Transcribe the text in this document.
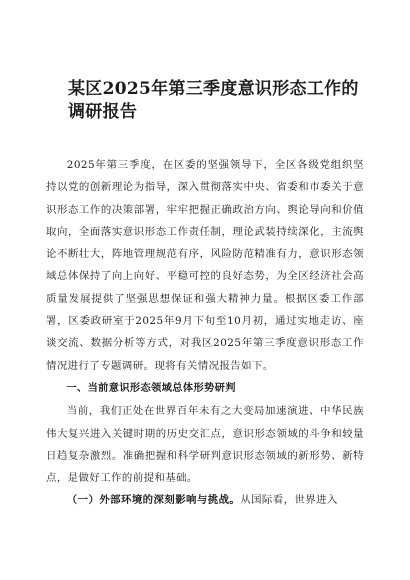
某区2025年第三季度意识形态工作的调研报告

2025年第三季度，在区委的坚强领导下，全区各级党组织坚持以党的创新理论为指导，深入贯彻落实中央、省委和市委关于意识形态工作的决策部署，牢牢把握正确政治方向、舆论导向和价值取向，全面落实意识形态工作责任制，理论武装持续深化，主流舆论不断壮大，阵地管理规范有序，风险防范精准有力，意识形态领域总体保持了向上向好、平稳可控的良好态势，为全区经济社会高质量发展提供了坚强思想保证和强大精神力量。根据区委工作部署，区委政研室于2025年9月下旬至10月初，通过实地走访、座谈交流、数据分析等方式，对我区2025年第三季度意识形态工作情况进行了专题调研。现将有关情况报告如下。

一、当前意识形态领域总体形势研判

当前，我们正处在世界百年未有之大变局加速演进、中华民族伟大复兴进入关键时期的历史交汇点，意识形态领域的斗争和较量日趋复杂激烈。准确把握和科学研判意识形态领域的新形势、新特点，是做好工作的前提和基础。

（一）外部环境的深刻影响与挑战。从国际看，世界进入
